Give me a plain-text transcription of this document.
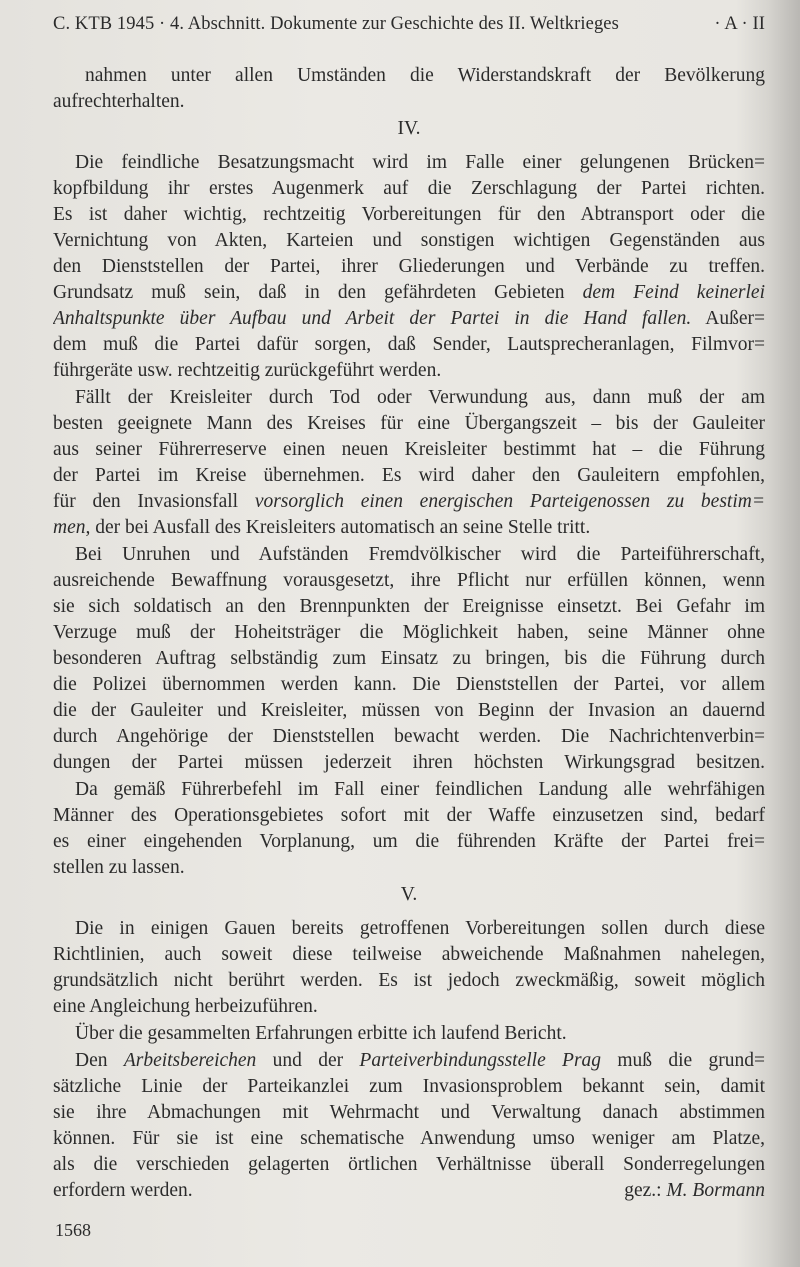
C. KTB 1945 · 4. Abschnitt. Dokumente zur Geschichte des II. Weltkrieges	· A · II
nahmen unter allen Umständen die Widerstandskraft der Bevölkerung
aufrechterhalten.
IV.
Die feindliche Besatzungsmacht wird im Falle einer gelungenen Brücken=
kopfbildung ihr erstes Augenmerk auf die Zerschlagung der Partei richten.
Es ist daher wichtig, rechtzeitig Vorbereitungen für den Abtransport oder die
Vernichtung von Akten, Karteien und sonstigen wichtigen Gegenständen aus
den Dienststellen der Partei, ihrer Gliederungen und Verbände zu treffen.
Grundsatz muß sein, daß in den gefährdeten Gebieten dem Feind keinerlei
Anhaltspunkte über Aufbau und Arbeit der Partei in die Hand fallen. Außer=
dem muß die Partei dafür sorgen, daß Sender, Lautsprecheranlagen, Filmvor=
führgeräte usw. rechtzeitig zurückgeführt werden.
Fällt der Kreisleiter durch Tod oder Verwundung aus, dann muß der am
besten geeignete Mann des Kreises für eine Übergangszeit – bis der Gauleiter
aus seiner Führerreserve einen neuen Kreisleiter bestimmt hat – die Führung
der Partei im Kreise übernehmen. Es wird daher den Gauleitern empfohlen,
für den Invasionsfall vorsorglich einen energischen Parteigenossen zu bestim=
men, der bei Ausfall des Kreisleiters automatisch an seine Stelle tritt.
Bei Unruhen und Aufständen Fremdvölkischer wird die Parteiführerschaft,
ausreichende Bewaffnung vorausgesetzt, ihre Pflicht nur erfüllen können, wenn
sie sich soldatisch an den Brennpunkten der Ereignisse einsetzt. Bei Gefahr im
Verzuge muß der Hoheitsträger die Möglichkeit haben, seine Männer ohne
besonderen Auftrag selbständig zum Einsatz zu bringen, bis die Führung durch
die Polizei übernommen werden kann. Die Dienststellen der Partei, vor allem
die der Gauleiter und Kreisleiter, müssen von Beginn der Invasion an dauernd
durch Angehörige der Dienststellen bewacht werden. Die Nachrichtenverbin=
dungen der Partei müssen jederzeit ihren höchsten Wirkungsgrad besitzen.
Da gemäß Führerbefehl im Fall einer feindlichen Landung alle wehrfähigen
Männer des Operationsgebietes sofort mit der Waffe einzusetzen sind, bedarf
es einer eingehenden Vorplanung, um die führenden Kräfte der Partei frei=
stellen zu lassen.
V.
Die in einigen Gauen bereits getroffenen Vorbereitungen sollen durch diese
Richtlinien, auch soweit diese teilweise abweichende Maßnahmen nahelegen,
grundsätzlich nicht berührt werden. Es ist jedoch zweckmäßig, soweit möglich
eine Angleichung herbeizuführen.
Über die gesammelten Erfahrungen erbitte ich laufend Bericht.
Den Arbeitsbereichen und der Parteiverbindungsstelle Prag muß die grund=
sätzliche Linie der Parteikanzlei zum Invasionsproblem bekannt sein, damit
sie ihre Abmachungen mit Wehrmacht und Verwaltung danach abstimmen
können. Für sie ist eine schematische Anwendung umso weniger am Platze,
als die verschieden gelagerten örtlichen Verhältnisse überall Sonderregelungen
erfordern werden.	gez.: M. Bormann
1568
